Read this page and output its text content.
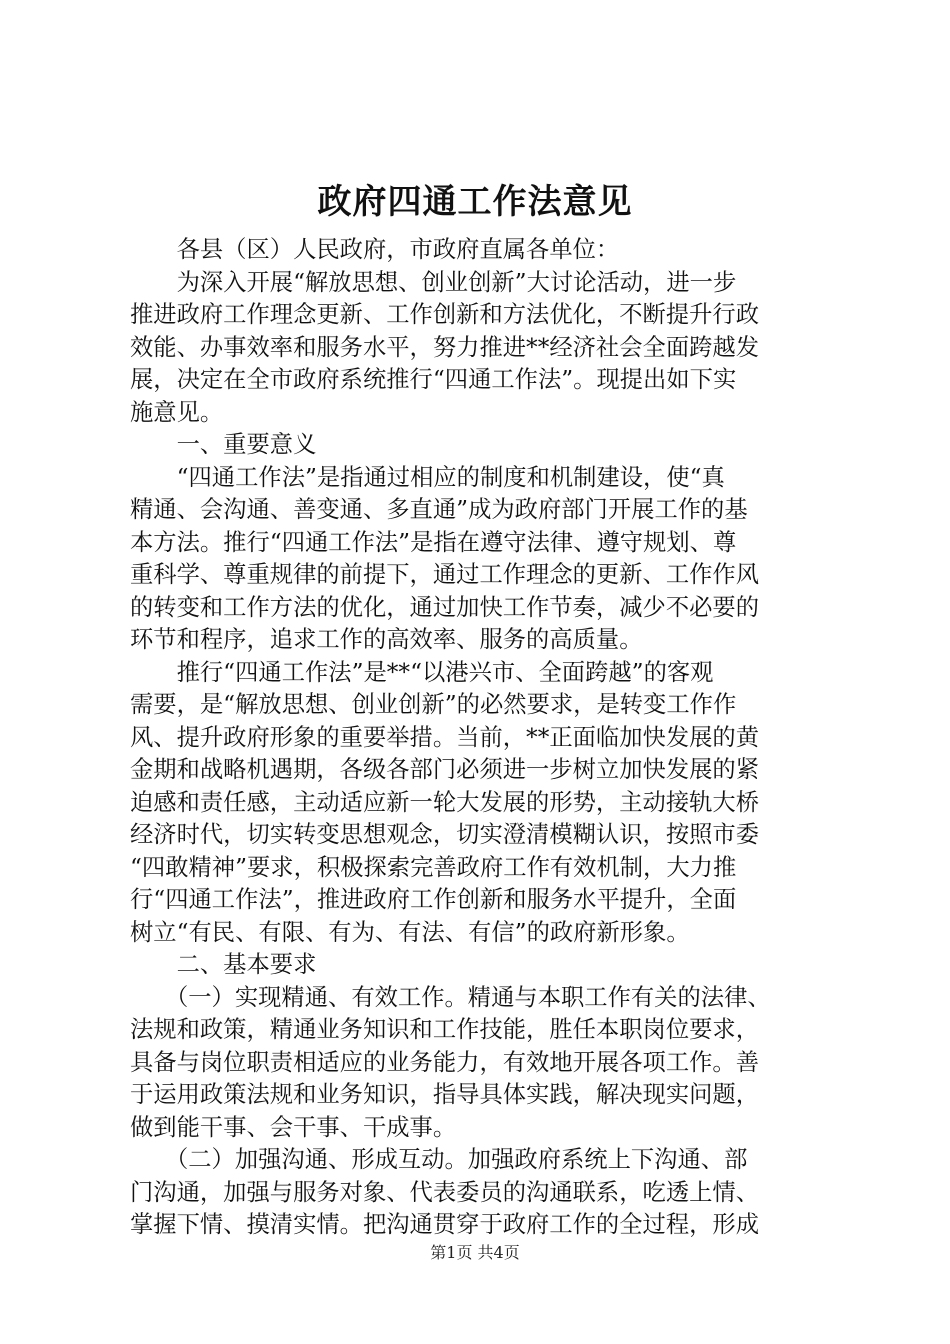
政府四通工作法意见
　　各县（区）人民政府，市政府直属各单位：
　　为深入开展“解放思想、创业创新”大讨论活动，进一步
推进政府工作理念更新、工作创新和方法优化，不断提升行政
效能、办事效率和服务水平，努力推进**经济社会全面跨越发
展，决定在全市政府系统推行“四通工作法”。现提出如下实
施意见。
　　一、重要意义
　　“四通工作法”是指通过相应的制度和机制建设，使“真
精通、会沟通、善变通、多直通”成为政府部门开展工作的基
本方法。推行“四通工作法”是指在遵守法律、遵守规划、尊
重科学、尊重规律的前提下，通过工作理念的更新、工作作风
的转变和工作方法的优化，通过加快工作节奏，减少不必要的
环节和程序，追求工作的高效率、服务的高质量。
　　推行“四通工作法”是**“以港兴市、全面跨越”的客观
需要，是“解放思想、创业创新”的必然要求，是转变工作作
风、提升政府形象的重要举措。当前，**正面临加快发展的黄
金期和战略机遇期，各级各部门必须进一步树立加快发展的紧
迫感和责任感，主动适应新一轮大发展的形势，主动接轨大桥
经济时代，切实转变思想观念，切实澄清模糊认识，按照市委
“四敢精神”要求，积极探索完善政府工作有效机制，大力推
行“四通工作法”，推进政府工作创新和服务水平提升，全面
树立“有民、有限、有为、有法、有信”的政府新形象。
　　二、基本要求
　　（一）实现精通、有效工作。精通与本职工作有关的法律、
法规和政策，精通业务知识和工作技能，胜任本职岗位要求，
具备与岗位职责相适应的业务能力，有效地开展各项工作。善
于运用政策法规和业务知识，指导具体实践，解决现实问题，
做到能干事、会干事、干成事。
　　（二）加强沟通、形成互动。加强政府系统上下沟通、部
门沟通，加强与服务对象、代表委员的沟通联系，吃透上情、
掌握下情、摸清实情。把沟通贯穿于政府工作的全过程，形成
第1页 共4页
